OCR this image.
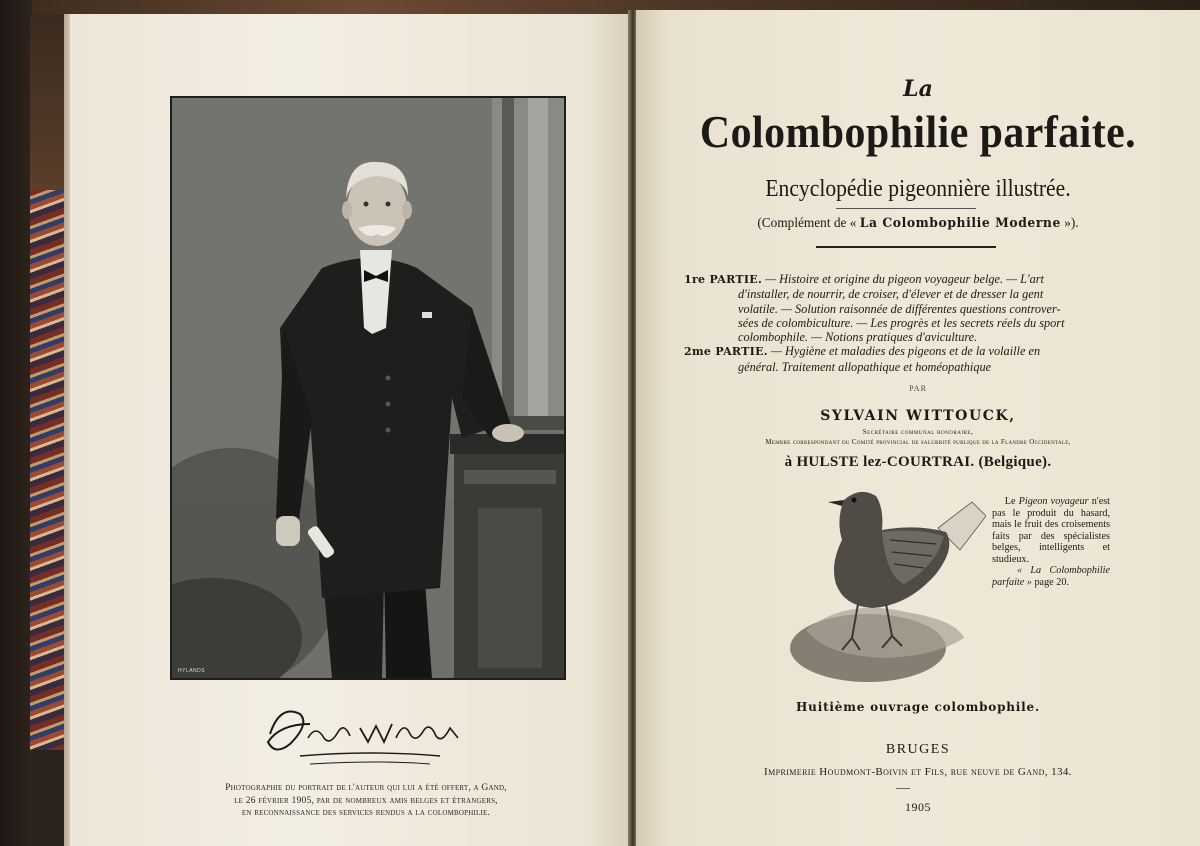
HYLANDS
Photographie du portrait de l'auteur qui lui a été offert, a Gand,
le 26 février 1905, par de nombreux amis belges et étrangers,
en reconnaissance des services rendus a la colombophilie.
La
Colombophilie parfaite.
Encyclopédie pigeonnière illustrée.
(Complément de « La Colombophilie Moderne »).
1re PARTIE. — Histoire et origine du pigeon voyageur belge. — L'art
d'installer, de nourrir, de croiser, d'élever et de dresser la gent
volatile. — Solution raisonnée de différentes questions controver-
sées de colombiculture. — Les progrès et les secrets réels du sport
colombophile. — Notions pratiques d'aviculture.
2me PARTIE. — Hygiène et maladies des pigeons et de la volaille en
général. Traitement allopathique et homéopathique
PAR
SYLVAIN WITTOUCK,
Secrétaire communal honoraire,
Membre correspondant du Comité provincial de salubrité publique de la Flandre Occidentale,
à HULSTE lez-COURTRAI. (Belgique).
Le Pigeon voyageur n'est pas le produit du hasard, mais le fruit des croisements faits par des spécialistes belges, intelligents et studieux.
« La Colombophilie parfaite » page 20.
Huitième ouvrage colombophile.
BRUGES
Imprimerie Houdmont-Boivin et Fils, rue neuve de Gand, 134.
1905
